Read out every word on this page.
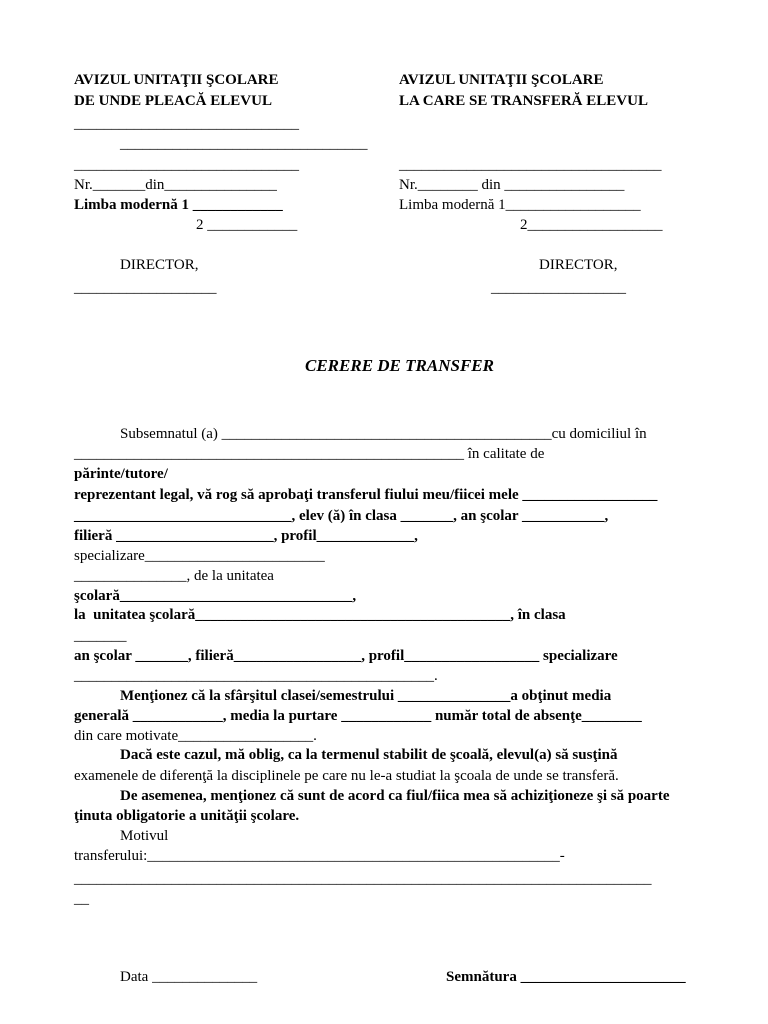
AVIZUL UNITAŢII ŞCOLARE
DE UNDE PLEACĂ ELEVUL
______________________________
_________________________________
______________________________
Nr._______din_______________
Limba modernă 1 ____________
2 ____________
DIRECTOR,
___________________
AVIZUL UNITAŢII ŞCOLARE
LA CARE SE TRANSFERĂ ELEVUL
___________________________________
Nr.________ din ________________
Limba modernă 1__________________
2__________________
DIRECTOR,
__________________
CERERE DE TRANSFER
Subsemnatul (a) ____________________________________________cu domiciliul în
____________________________________________________ în calitate de
părinte/tutore/
reprezentant legal, vă rog să aprobaţi transferul fiului meu/fiicei mele __________________
_____________________________, elev (ă) în clasa _______, an şcolar ___________,
filieră _____________________, profil_____________,
specializare________________________
_______________, de la unitatea
şcolară_______________________________,
la  unitatea şcolară__________________________________________, în clasa
_______
an şcolar _______, filieră_________________, profil__________________ specializare
________________________________________________.
Menţionez că la sfârşitul clasei/semestrului _______________a obţinut media
generală ____________, media la purtare ____________ număr total de absenţe________
din care motivate__________________.
Dacă este cazul, mă oblig, ca la termenul stabilit de şcoală, elevul(a) să susţină
examenele de diferenţă la disciplinele pe care nu le-a studiat la şcoala de unde se transferă.
De asemenea, menţionez că sunt de acord ca fiul/fiica mea să achiziţioneze şi să poarte
ţinuta obligatorie a unităţii şcolare.
Motivul
transferului:_______________________________________________________-
_____________________________________________________________________________
__
Data ______________	Semnătura ______________________
